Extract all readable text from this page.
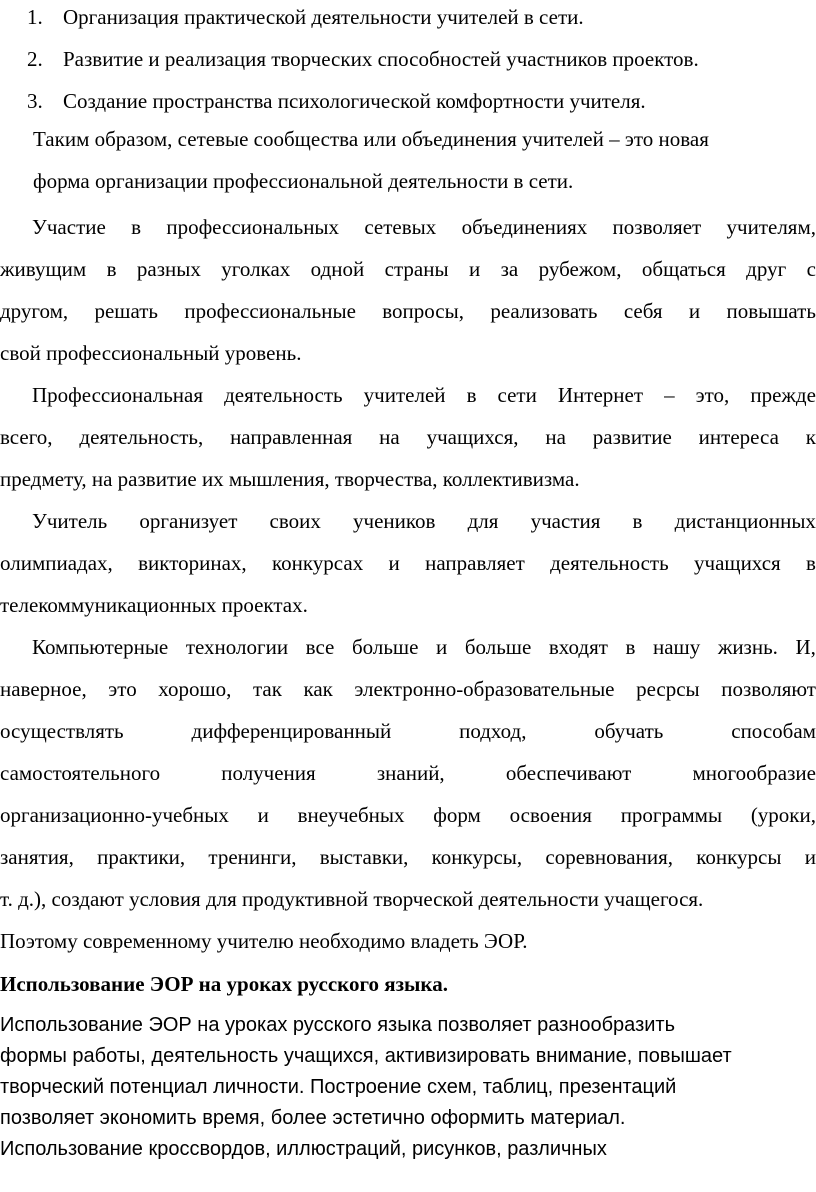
1. Организация практической деятельности учителей в сети.
2. Развитие и реализация творческих способностей участников проектов.
3. Создание пространства психологической комфортности учителя.
Таким образом, сетевые сообщества или объединения учителей – это новая
форма организации профессиональной деятельности в сети.
Участие в профессиональных сетевых объединениях позволяет учителям,
живущим в разных уголках одной страны и за рубежом, общаться друг с
другом, решать профессиональные вопросы, реализовать себя и повышать
свой профессиональный уровень.
Профессиональная деятельность учителей в сети Интернет – это, прежде
всего, деятельность, направленная на учащихся, на развитие интереса к
предмету, на развитие их мышления, творчества, коллективизма.
Учитель организует своих учеников для участия в дистанционных
олимпиадах, викторинах, конкурсах и направляет деятельность учащихся в
телекоммуникационных проектах.
Компьютерные технологии все больше и больше входят в нашу жизнь. И,
наверное, это хорошо, так как электронно-образовательные ресрсы позволяют
осуществлять	дифференцированный	подход,	обучать	способам
самостоятельного	получения	знаний,	обеспечивают	многообразие
организационно-учебных и внеучебных форм освоения программы (уроки,
занятия, практики, тренинги, выставки, конкурсы, соревнования, конкурсы и
т. д.), создают условия для продуктивной творческой деятельности учащегося.
Поэтому современному учителю необходимо владеть ЭОР.
Использование ЭОР на уроках русского языка.
Использование ЭОР на уроках русского языка позволяет разнообразить
формы работы, деятельность учащихся, активизировать внимание, повышает
творческий потенциал личности. Построение схем, таблиц, презентаций
позволяет экономить время, более эстетично оформить материал.
Использование кроссвордов, иллюстраций, рисунков, различных
